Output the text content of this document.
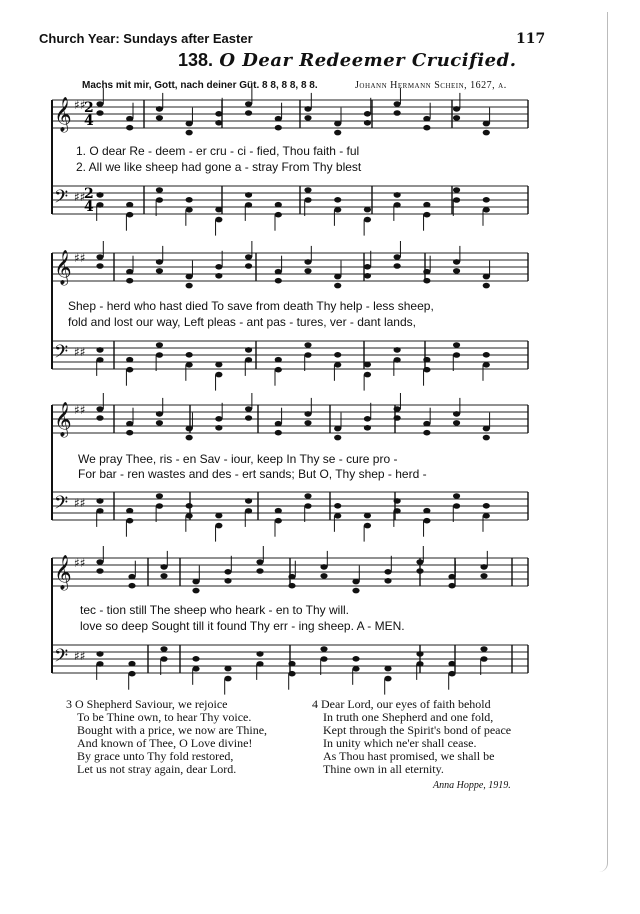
Church Year: Sundays after Easter	117
138. O Dear Redeemer Crucified.
Machs mit mir, Gott, nach deiner Güt. 8 8, 8 8, 8 8.	Johann Hermann Schein, 1627, a.
𝄞 ♯♯
𝄢 ♯♯
2
2
4
4
𝄞 ♯♯
𝄢 ♯♯
𝄞 ♯♯
𝄢 ♯♯
𝄞 ♯♯
𝄢 ♯♯
1. O dear Re - deem - er cru - ci - fied, Thou faith - ful
2. All we like sheep had gone a - stray From Thy blest
Shep - herd who hast died To save from death Thy help - less sheep,
fold and lost our way, Left pleas - ant pas - tures, ver - dant lands,
We pray Thee, ris - en Sav - iour, keep In Thy se - cure pro -
For bar - ren wastes and des - ert sands; But O, Thy shep - herd -
tec - tion still The sheep who heark - en to Thy will.
love so deep Sought till it found Thy err - ing sheep. A - MEN.
3 O Shepherd Saviour, we rejoice
To be Thine own, to hear Thy voice.
Bought with a price, we now are Thine,
And known of Thee, O Love divine!
By grace unto Thy fold restored,
Let us not stray again, dear Lord.
4 Dear Lord, our eyes of faith behold
In truth one Shepherd and one fold,
Kept through the Spirit's bond of peace
In unity which ne'er shall cease.
As Thou hast promised, we shall be
Thine own in all eternity.
Anna Hoppe, 1919.
